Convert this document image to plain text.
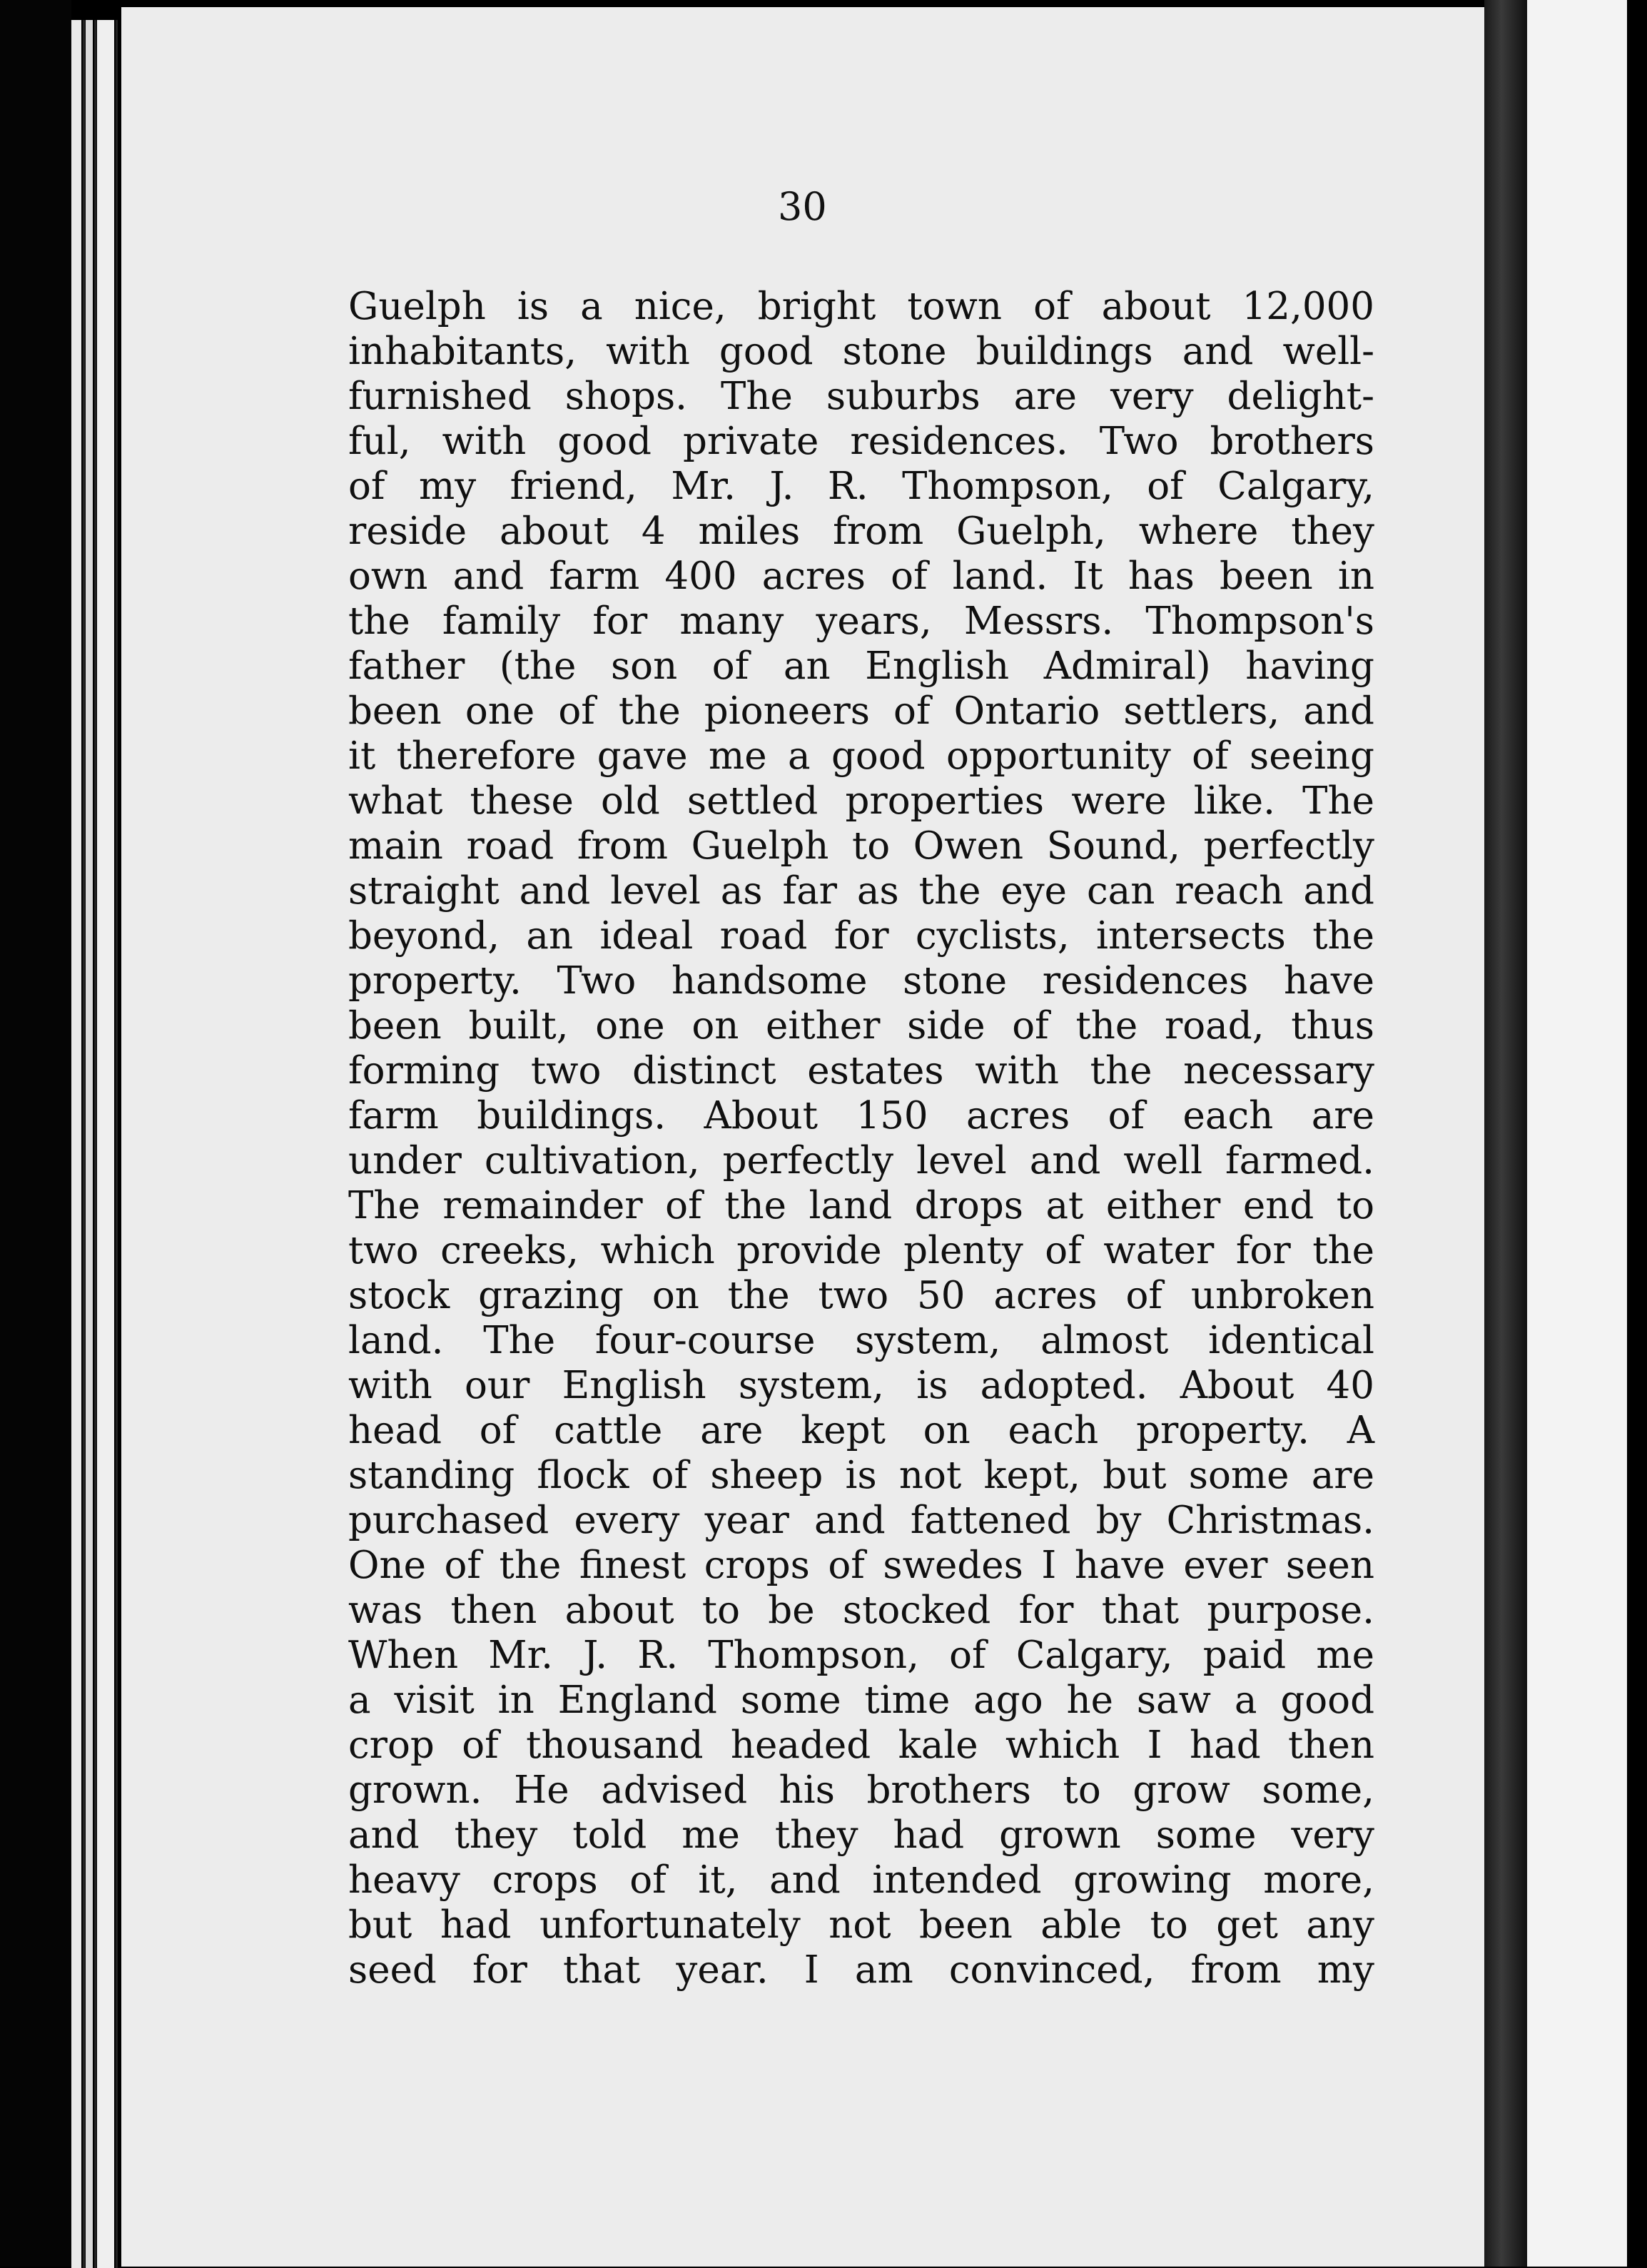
30

Guelph is a nice, bright town of about 12,000
inhabitants, with good stone buildings and well-
furnished shops. The suburbs are very delight-
ful, with good private residences. Two brothers
of my friend, Mr. J. R. Thompson, of Calgary,
reside about 4 miles from Guelph, where they
own and farm 400 acres of land. It has been in
the family for many years, Messrs. Thompson's
father (the son of an English Admiral) having
been one of the pioneers of Ontario settlers, and
it therefore gave me a good opportunity of seeing
what these old settled properties were like. The
main road from Guelph to Owen Sound, perfectly
straight and level as far as the eye can reach and
beyond, an ideal road for cyclists, intersects the
property. Two handsome stone residences have
been built, one on either side of the road, thus
forming two distinct estates with the necessary
farm buildings. About 150 acres of each are
under cultivation, perfectly level and well farmed.
The remainder of the land drops at either end to
two creeks, which provide plenty of water for the
stock grazing on the two 50 acres of unbroken
land. The four-course system, almost identical
with our English system, is adopted. About 40
head of cattle are kept on each property. A
standing flock of sheep is not kept, but some are
purchased every year and fattened by Christmas.
One of the finest crops of swedes I have ever seen
was then about to be stocked for that purpose.
When Mr. J. R. Thompson, of Calgary, paid me
a visit in England some time ago he saw a good
crop of thousand headed kale which I had then
grown. He advised his brothers to grow some,
and they told me they had grown some very
heavy crops of it, and intended growing more,
but had unfortunately not been able to get any
seed for that year. I am convinced, from my
